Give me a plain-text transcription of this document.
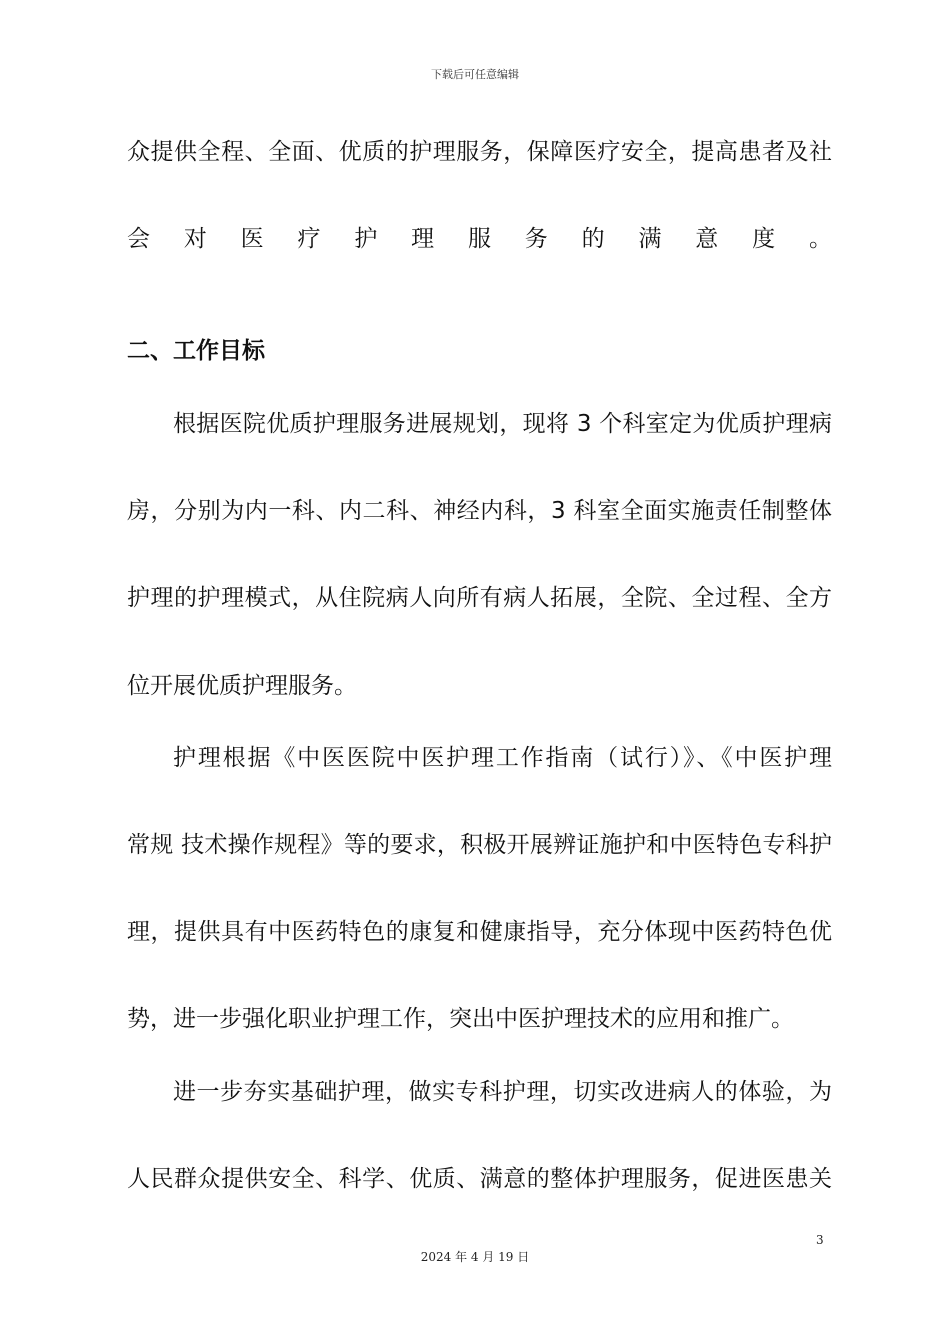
下载后可任意编辑
众提供全程、全面、优质的护理服务，保障医疗安全，提高患者及社
会 对 医 疗 护 理 服 务 的 满 意 度 。
二、工作目标
根据医院优质护理服务进展规划，现将 3 个科室定为优质护理病
房，分别为内一科、内二科、神经内科，3 科室全面实施责任制整体
护理的护理模式，从住院病人向所有病人拓展，全院、全过程、全方
位开展优质护理服务。
护理根据《中医医院中医护理工作指南（试行）》、《中医护理
常规 技术操作规程》等的要求，积极开展辨证施护和中医特色专科护
理，提供具有中医药特色的康复和健康指导，充分体现中医药特色优
势，进一步强化职业护理工作，突出中医护理技术的应用和推广。
进一步夯实基础护理，做实专科护理，切实改进病人的体验，为
人民群众提供安全、科学、优质、满意的整体护理服务，促进医患关
3
2024 年 4 月 19 日
